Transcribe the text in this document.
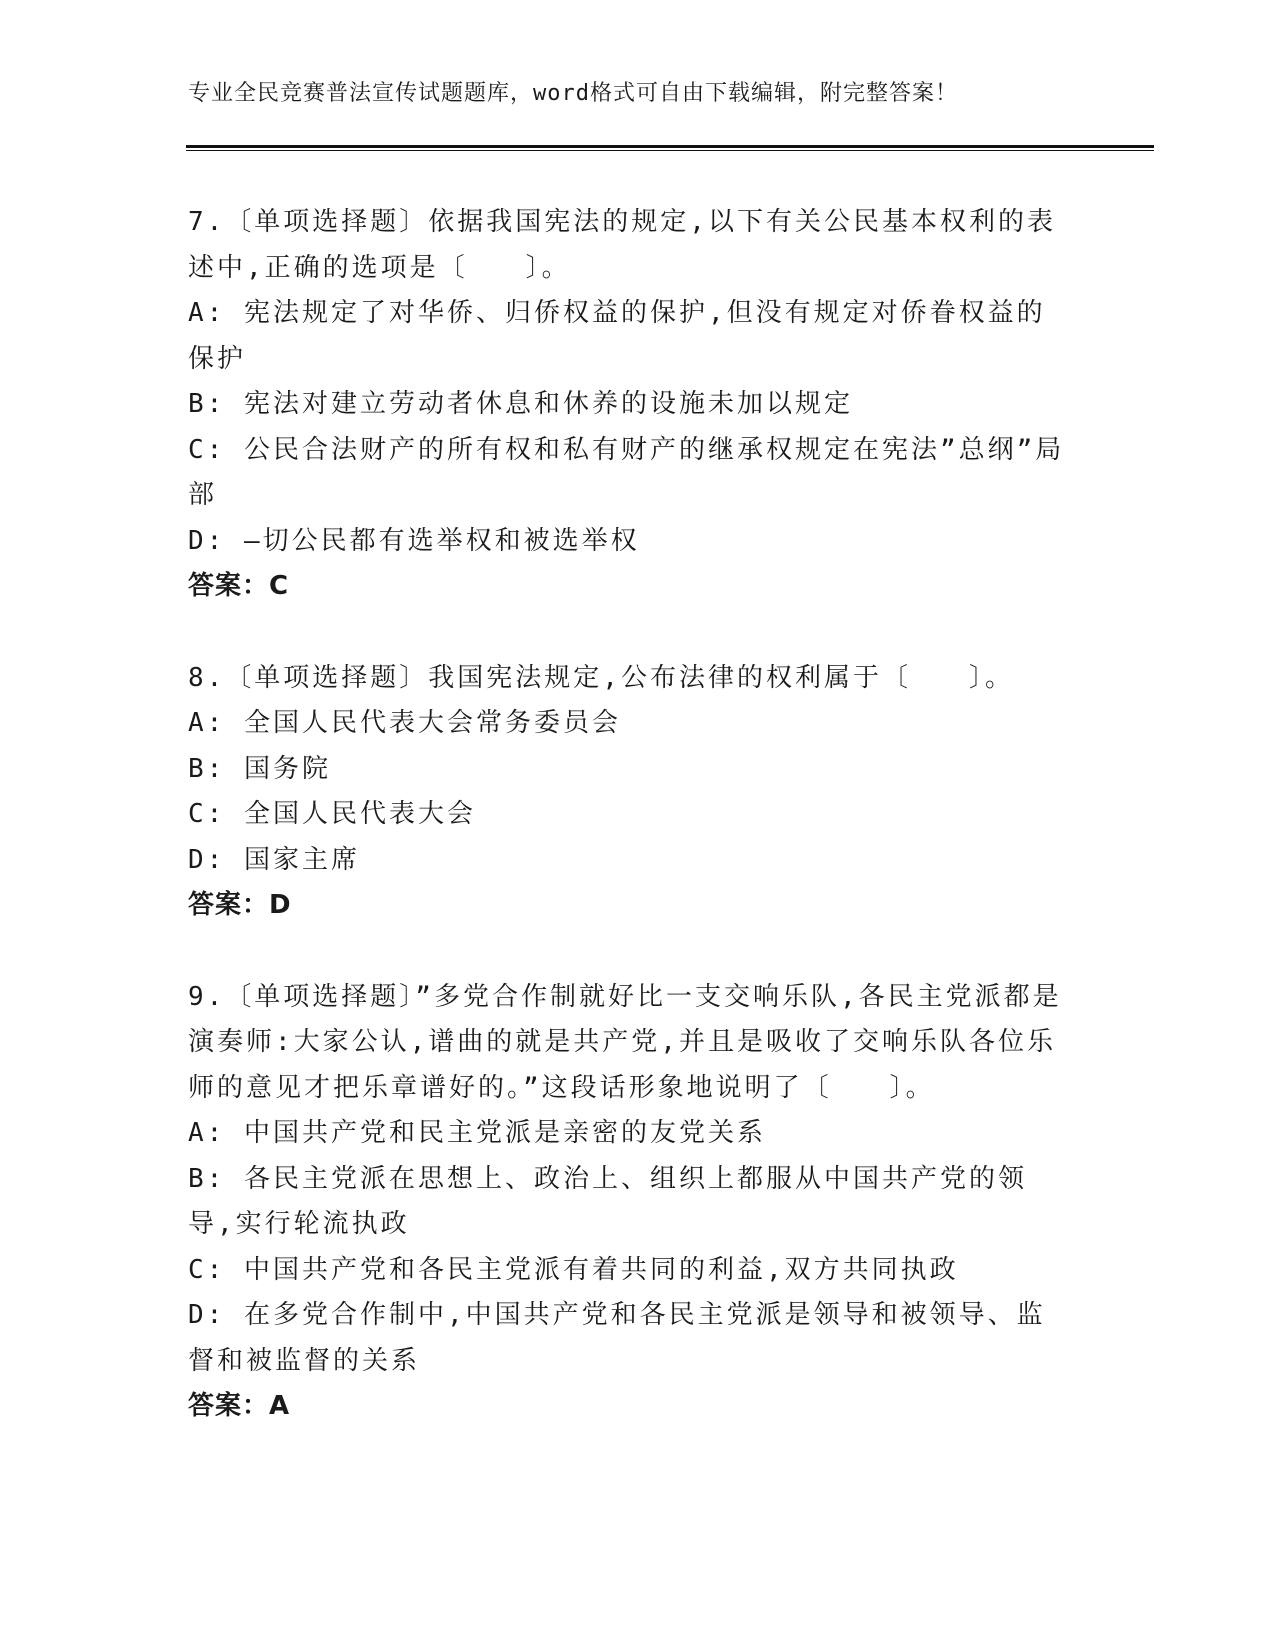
专业全民竞赛普法宣传试题题库，word格式可自由下载编辑，附完整答案！
7.〔单项选择题〕依据我国宪法的规定,以下有关公民基本权利的表述中,正确的选项是〔　　〕。
A: 宪法规定了对华侨、归侨权益的保护,但没有规定对侨眷权益的保护
B: 宪法对建立劳动者休息和休养的设施未加以规定
C: 公民合法财产的所有权和私有财产的继承权规定在宪法”总纲”局部
D: —切公民都有选举权和被选举权
答案：C
8.〔单项选择题〕我国宪法规定,公布法律的权利属于〔　　〕。
A: 全国人民代表大会常务委员会
B: 国务院
C: 全国人民代表大会
D: 国家主席
答案：D
9.〔单项选择题〕”多党合作制就好比一支交响乐队,各民主党派都是演奏师:大家公认,谱曲的就是共产党,并且是吸收了交响乐队各位乐师的意见才把乐章谱好的。”这段话形象地说明了〔　　〕。
A: 中国共产党和民主党派是亲密的友党关系
B: 各民主党派在思想上、政治上、组织上都服从中国共产党的领导,实行轮流执政
C: 中国共产党和各民主党派有着共同的利益,双方共同执政
D: 在多党合作制中,中国共产党和各民主党派是领导和被领导、监督和被监督的关系
答案：A
